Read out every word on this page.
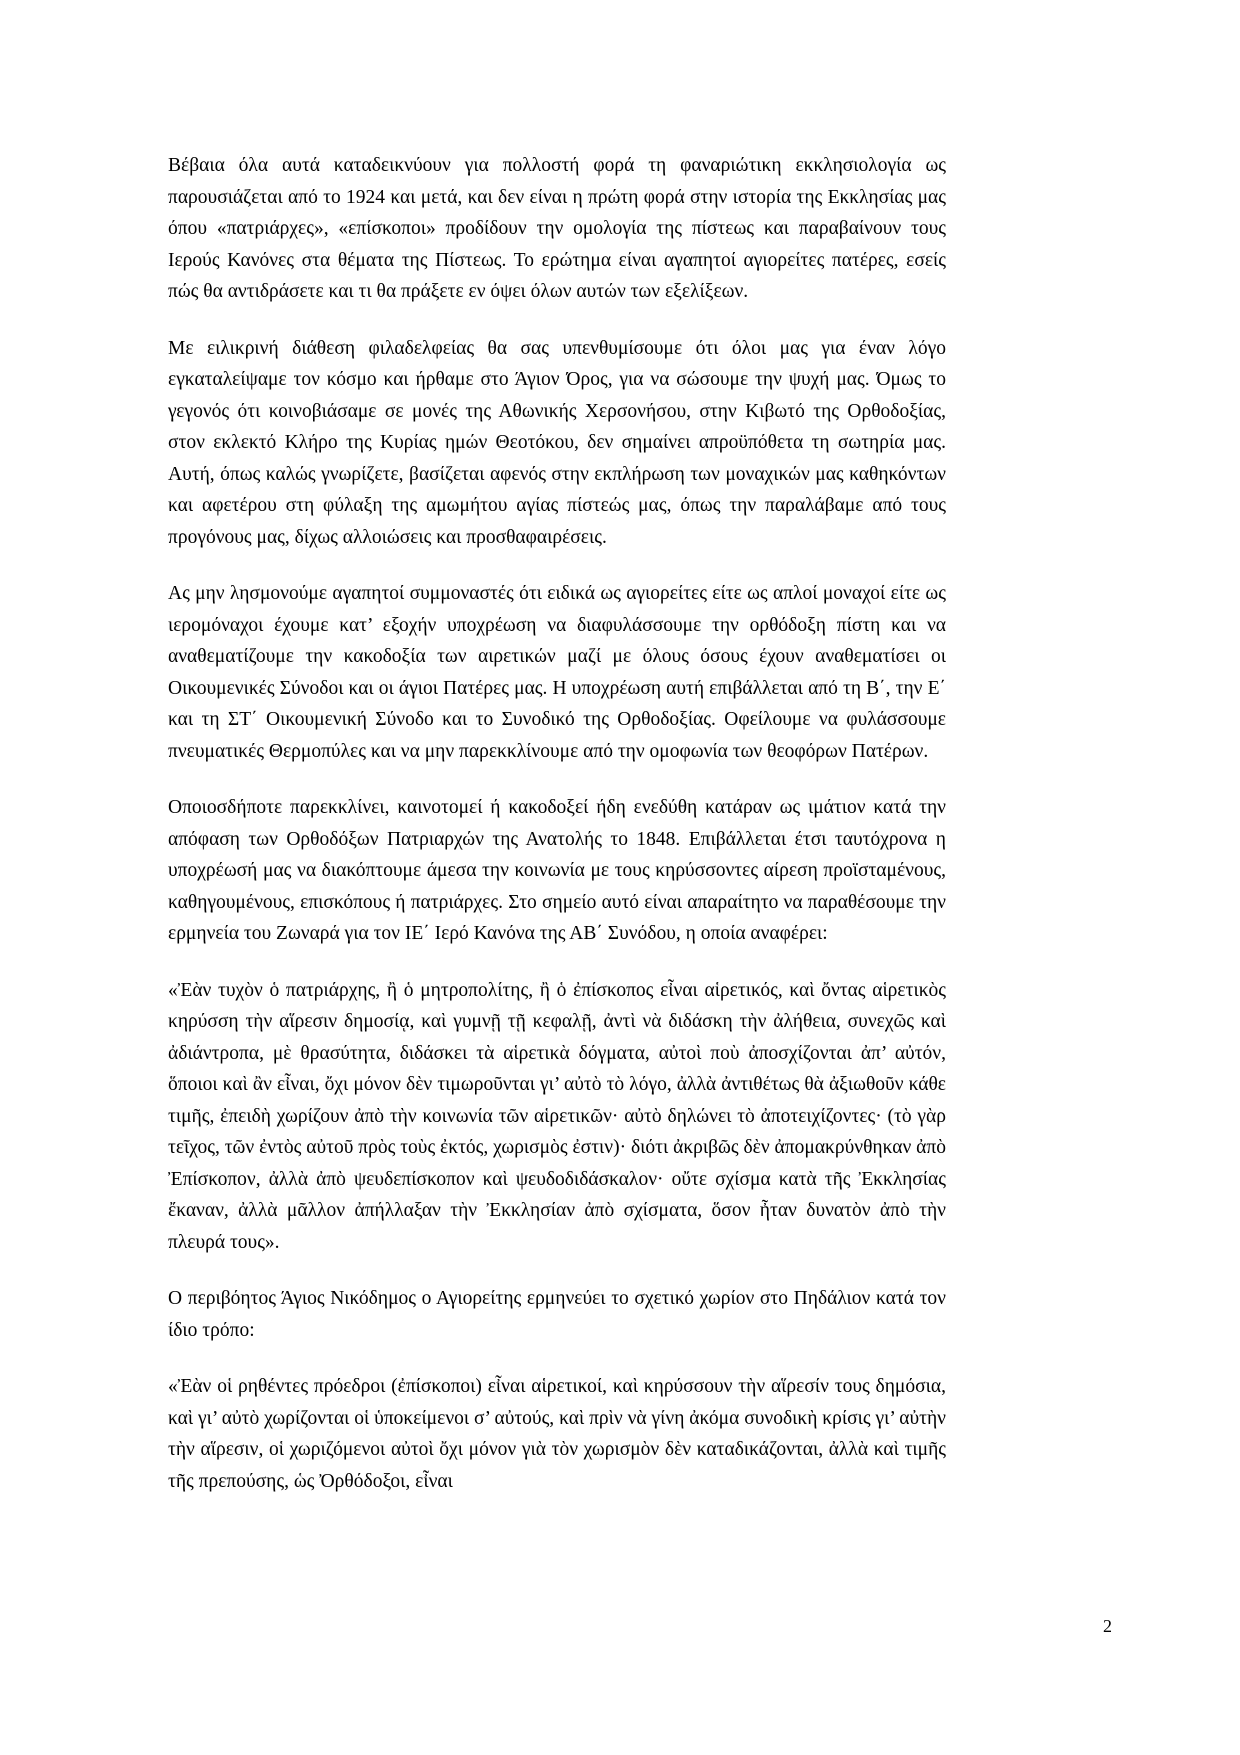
Βέβαια όλα αυτά καταδεικνύουν για πολλοστή φορά τη φαναριώτικη εκκλησιολογία ως παρουσιάζεται από το 1924 και μετά, και δεν είναι η πρώτη φορά στην ιστορία της Εκκλησίας μας όπου «πατριάρχες», «επίσκοποι» προδίδουν την ομολογία της πίστεως και παραβαίνουν τους Ιερούς Κανόνες στα θέματα της Πίστεως. Το ερώτημα είναι αγαπητοί αγιορείτες πατέρες, εσείς πώς θα αντιδράσετε και τι θα πράξετε εν όψει όλων αυτών των εξελίξεων.

Με ειλικρινή διάθεση φιλαδελφείας θα σας υπενθυμίσουμε ότι όλοι μας για έναν λόγο εγκαταλείψαμε τον κόσμο και ήρθαμε στο Άγιον Όρος, για να σώσουμε την ψυχή μας. Όμως το γεγονός ότι κοινοβιάσαμε σε μονές της Αθωνικής Χερσονήσου, στην Κιβωτό της Ορθοδοξίας, στον εκλεκτό Κλήρο της Κυρίας ημών Θεοτόκου, δεν σημαίνει απροϋπόθετα τη σωτηρία μας. Αυτή, όπως καλώς γνωρίζετε, βασίζεται αφενός στην εκπλήρωση των μοναχικών μας καθηκόντων και αφετέρου στη φύλαξη της αμωμήτου αγίας πίστεώς μας, όπως την παραλάβαμε από τους προγόνους μας, δίχως αλλοιώσεις και προσθαφαιρέσεις.

Ας μην λησμονούμε αγαπητοί συμμοναστές ότι ειδικά ως αγιορείτες είτε ως απλοί μοναχοί είτε ως ιερομόναχοι έχουμε κατ’ εξοχήν υποχρέωση να διαφυλάσσουμε την ορθόδοξη πίστη και να αναθεματίζουμε την κακοδοξία των αιρετικών μαζί με όλους όσους έχουν αναθεματίσει οι Οικουμενικές Σύνοδοι και οι άγιοι Πατέρες μας. Η υποχρέωση αυτή επιβάλλεται από τη Β΄, την Ε΄ και τη ΣΤ΄ Οικουμενική Σύνοδο και το Συνοδικό της Ορθοδοξίας. Οφείλουμε να φυλάσσουμε πνευματικές Θερμοπύλες και να μην παρεκκλίνουμε από την ομοφωνία των θεοφόρων Πατέρων.

Οποιοσδήποτε παρεκκλίνει, καινοτομεί ή κακοδοξεί ήδη ενεδύθη κατάραν ως ιμάτιον κατά την απόφαση των Ορθοδόξων Πατριαρχών της Ανατολής το 1848. Επιβάλλεται έτσι ταυτόχρονα η υποχρέωσή μας να διακόπτουμε άμεσα την κοινωνία με τους κηρύσσοντες αίρεση προϊσταμένους, καθηγουμένους, επισκόπους ή πατριάρχες. Στο σημείο αυτό είναι απαραίτητο να παραθέσουμε την ερμηνεία του Ζωναρά για τον ΙΕ΄ Ιερό Κανόνα της ΑΒ΄ Συνόδου, η οποία αναφέρει:

«Ἐὰν τυχὸν ὁ πατριάρχης, ἢ ὁ μητροπολίτης, ἢ ὁ ἐπίσκοπος εἶναι αἱρετικός, καὶ ὄντας αἱρετικὸς κηρύσση τὴν αἵρεσιν δημοσίᾳ, καὶ γυμνῇ τῇ κεφαλῇ, ἀντὶ νὰ διδάσκη τὴν ἀλήθεια, συνεχῶς καὶ ἀδιάντροπα, μὲ θρασύτητα, διδάσκει τὰ αἱρετικὰ δόγματα, αὐτοὶ ποὺ ἀποσχίζονται ἀπ’ αὐτόν, ὅποιοι καὶ ἂν εἶναι, ὄχι μόνον δὲν τιμωροῦνται γι’ αὐτὸ τὸ λόγο, ἀλλὰ ἀντιθέτως θὰ ἀξιωθοῦν κάθε τιμῆς, ἐπειδὴ χωρίζουν ἀπὸ τὴν κοινωνία τῶν αἱρετικῶν· αὐτὸ δηλώνει τὸ ἀποτειχίζοντες· (τὸ γὰρ τεῖχος, τῶν ἐντὸς αὐτοῦ πρὸς τοὺς ἐκτός, χωρισμὸς ἐστιν)· διότι ἀκριβῶς δὲν ἀπομακρύνθηκαν ἀπὸ Ἐπίσκοπον, ἀλλὰ ἀπὸ ψευδεπίσκοπον καὶ ψευδοδιδάσκαλον· οὔτε σχίσμα κατὰ τῆς Ἐκκλησίας ἔκαναν, ἀλλὰ μᾶλλον ἀπήλλαξαν τὴν Ἐκκλησίαν ἀπὸ σχίσματα, ὅσον ἦταν δυνατὸν ἀπὸ τὴν πλευρά τους».

Ο περιβόητος Άγιος Νικόδημος ο Αγιορείτης ερμηνεύει το σχετικό χωρίον στο Πηδάλιον κατά τον ίδιο τρόπο:

«Ἐὰν οἱ ρηθέντες πρόεδροι (ἐπίσκοποι) εἶναι αἱρετικοί, καὶ κηρύσσουν τὴν αἵρεσίν τους δημόσια, καὶ γι’ αὐτὸ χωρίζονται οἱ ὑποκείμενοι σ’ αὐτούς, καὶ πρὶν νὰ γίνη ἀκόμα συνοδικὴ κρίσις γι’ αὐτὴν τὴν αἵρεσιν, οἱ χωριζόμενοι αὐτοὶ ὄχι μόνον γιὰ τὸν χωρισμὸν δὲν καταδικάζονται, ἀλλὰ καὶ τιμῆς τῆς πρεπούσης, ὡς Ὀρθόδοξοι, εἶναι

2
